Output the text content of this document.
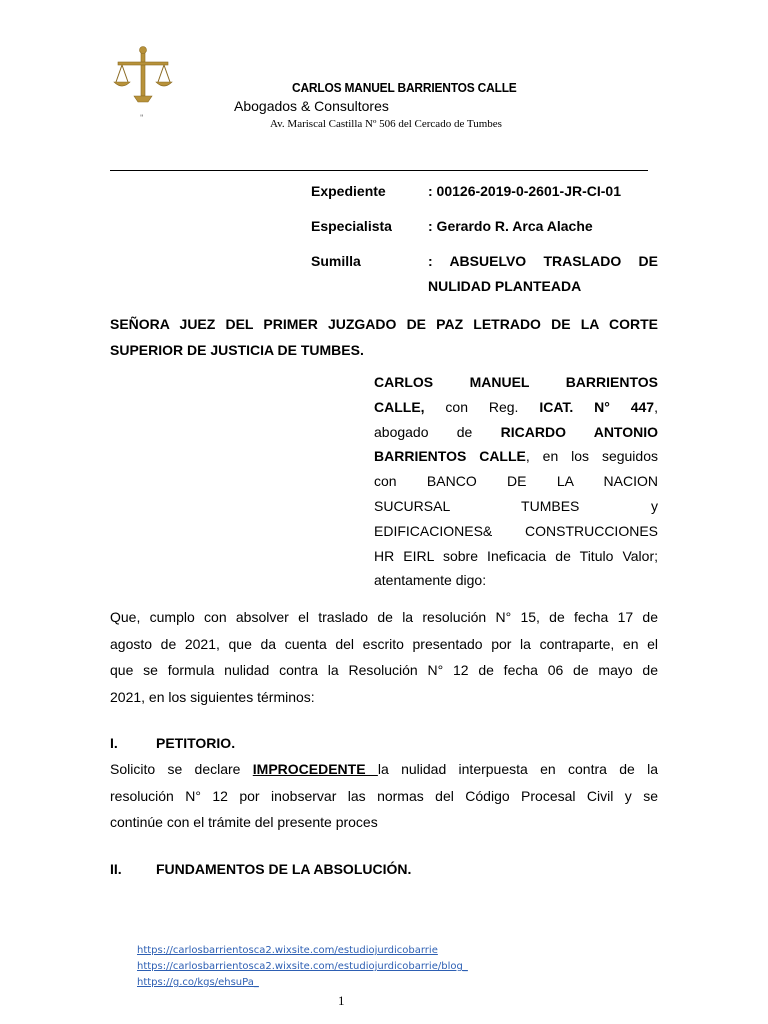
"
CARLOS MANUEL BARRIENTOS CALLE
Abogados & Consultores
Av. Mariscal Castilla Nº 506 del Cercado de Tumbes
Expediente	: 00126-2019-0-2601-JR-CI-01
Especialista	: Gerardo R. Arca Alache
Sumilla	: ABSUELVO TRASLADO DE
NULIDAD PLANTEADA
SEÑORA JUEZ DEL PRIMER JUZGADO DE PAZ LETRADO DE LA CORTE
SUPERIOR DE JUSTICIA DE TUMBES.
CARLOS MANUEL BARRIENTOS
CALLE, con Reg. ICAT. N° 447,
abogado de RICARDO ANTONIO
BARRIENTOS CALLE, en los seguidos
con BANCO DE LA NACION
SUCURSAL TUMBES y
EDIFICACIONES& CONSTRUCCIONES
HR EIRL sobre Ineficacia de Titulo Valor;
atentamente digo:
Que, cumplo con absolver el traslado de la resolución N° 15, de fecha 17 de
agosto de 2021, que da cuenta del escrito presentado por la contraparte, en el
que se formula nulidad contra la Resolución N° 12 de fecha 06 de mayo de
2021, en los siguientes términos:
I.	PETITORIO.
Solicito se declare IMPROCEDENTE la nulidad interpuesta en contra de la
resolución N° 12 por inobservar las normas del Código Procesal Civil y se
continúe con el trámite del presente proces
II. FUNDAMENTOS DE LA ABSOLUCIÓN.
https://carlosbarrientosca2.wixsite.com/estudiojurdicobarrie
https://carlosbarrientosca2.wixsite.com/estudiojurdicobarrie/blog_
https://g.co/kgs/ehsuPa_
1
